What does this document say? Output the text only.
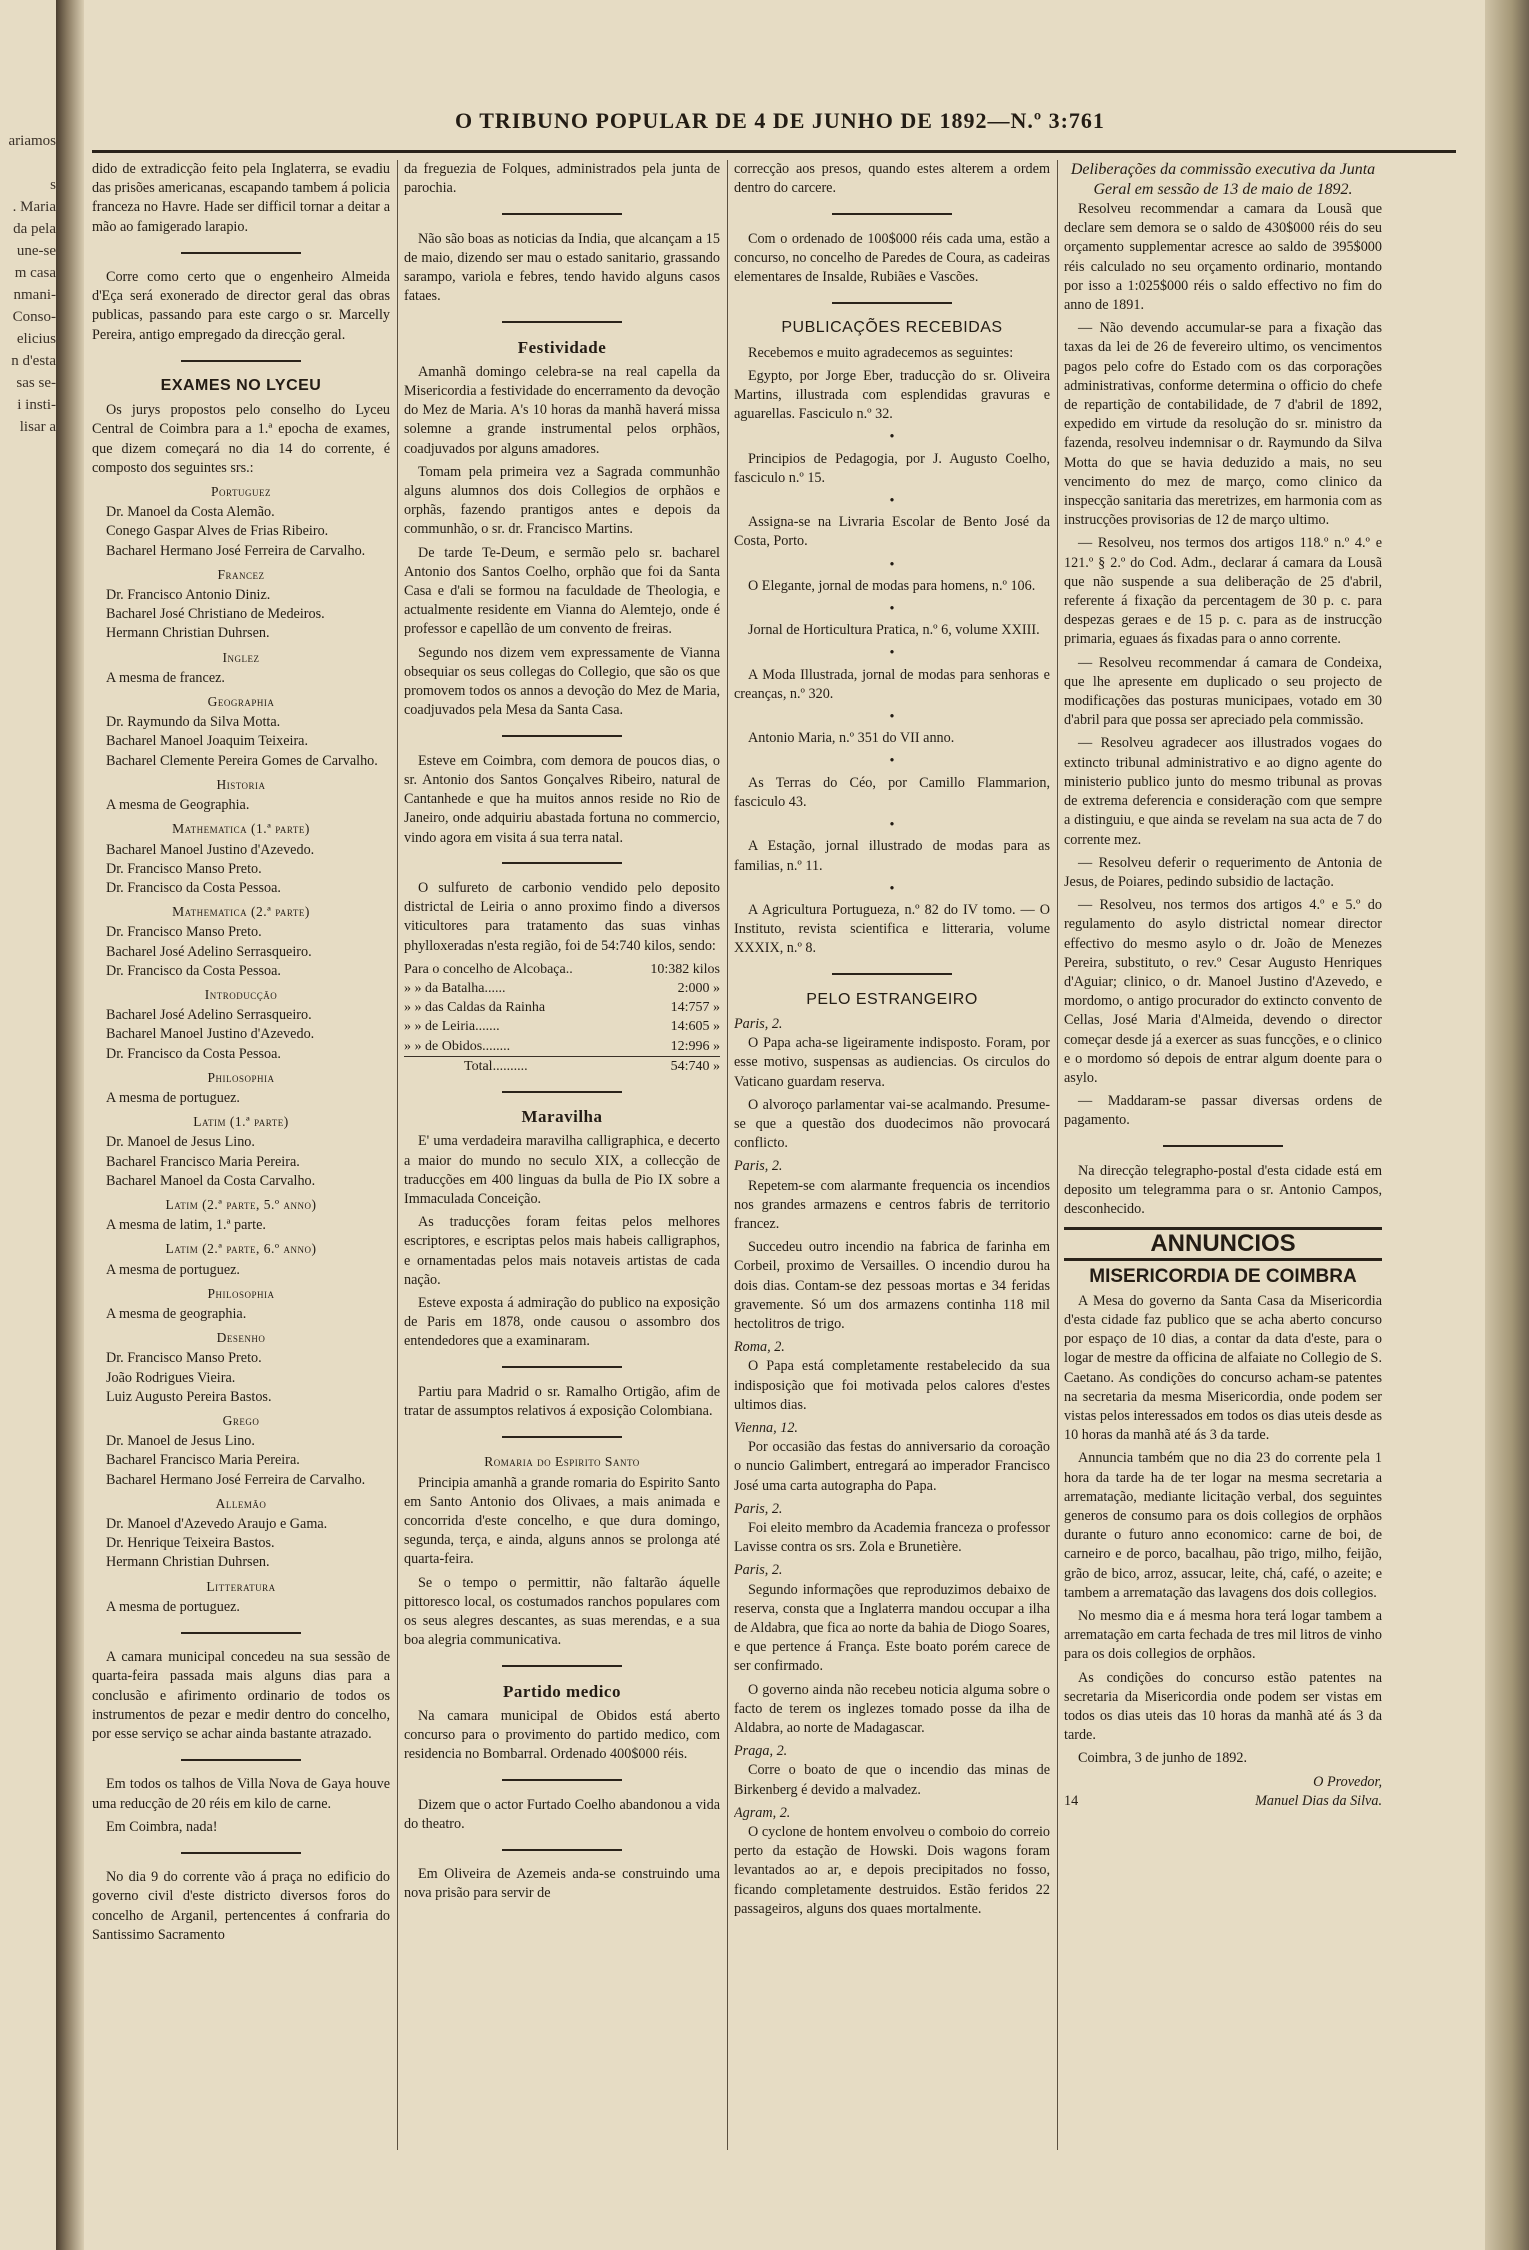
ariamos

s
. Maria
da pela
une-se
m casa
nmani-
Conso-
elicius
n d'esta
sas se-
i insti-
lisar a
O TRIBUNO POPULAR DE 4 DE JUNHO DE 1892—N.º 3:761

dido de extradicção feito pela Inglaterra, se evadiu das prisões americanas, escapando tambem á policia franceza no Havre. Hade ser difficil tornar a deitar a mão ao famigerado larapio.

Corre como certo que o engenheiro Almeida d'Eça será exonerado de director geral das obras publicas, passando para este cargo o sr. Marcelly Pereira, antigo empregado da direcção geral.

EXAMES NO LYCEU

Os jurys propostos pelo conselho do Lyceu Central de Coimbra para a 1.ª epocha de exames, que dizem começará no dia 14 do corrente, é composto dos seguintes srs.:

Portuguez
Dr. Manoel da Costa Alemão.
Conego Gaspar Alves de Frias Ribeiro.
Bacharel Hermano José Ferreira de Carvalho.
Francez
Dr. Francisco Antonio Diniz.
Bacharel José Christiano de Medeiros.
Hermann Christian Duhrsen.
Inglez
A mesma de francez.
Geographia
Dr. Raymundo da Silva Motta.
Bacharel Manoel Joaquim Teixeira.
Bacharel Clemente Pereira Gomes de Carvalho.
Historia
A mesma de Geographia.
Mathematica (1.ª parte)
Bacharel Manoel Justino d'Azevedo.
Dr. Francisco Manso Preto.
Dr. Francisco da Costa Pessoa.
Mathematica (2.ª parte)
Dr. Francisco Manso Preto.
Bacharel José Adelino Serrasqueiro.
Dr. Francisco da Costa Pessoa.
Introducção
Bacharel José Adelino Serrasqueiro.
Bacharel Manoel Justino d'Azevedo.
Dr. Francisco da Costa Pessoa.
Philosophia
A mesma de portuguez.
Latim (1.ª parte)
Dr. Manoel de Jesus Lino.
Bacharel Francisco Maria Pereira.
Bacharel Manoel da Costa Carvalho.
Latim (2.ª parte, 5.º anno)
A mesma de latim, 1.ª parte.
Latim (2.ª parte, 6.º anno)
A mesma de portuguez.
Philosophia
A mesma de geographia.
Desenho
Dr. Francisco Manso Preto.
João Rodrigues Vieira.
Luiz Augusto Pereira Bastos.
Grego
Dr. Manoel de Jesus Lino.
Bacharel Francisco Maria Pereira.
Bacharel Hermano José Ferreira de Carvalho.
Allemão
Dr. Manoel d'Azevedo Araujo e Gama.
Dr. Henrique Teixeira Bastos.
Hermann Christian Duhrsen.
Litteratura
A mesma de portuguez.

A camara municipal concedeu na sua sessão de quarta-feira passada mais alguns dias para a conclusão e afirimento ordinario de todos os instrumentos de pezar e medir dentro do concelho, por esse serviço se achar ainda bastante atrazado.

Em todos os talhos de Villa Nova de Gaya houve uma reducção de 20 réis em kilo de carne.

Em Coimbra, nada!

No dia 9 do corrente vão á praça no edificio do governo civil d'este districto diversos foros do concelho de Arganil, pertencentes á confraria do Santissimo Sacramento

da freguezia de Folques, administrados pela junta de parochia.

Não são boas as noticias da India, que alcançam a 15 de maio, dizendo ser mau o estado sanitario, grassando sarampo, variola e febres, tendo havido alguns casos fataes.

Festividade

Amanhã domingo celebra-se na real capella da Misericordia a festividade do encerramento da devoção do Mez de Maria. A's 10 horas da manhã haverá missa solemne a grande instrumental pelos orphãos, coadjuvados por alguns amadores.

Tomam pela primeira vez a Sagrada communhão alguns alumnos dos dois Collegios de orphãos e orphãs, fazendo prantigos antes e depois da communhão, o sr. dr. Francisco Martins.

De tarde Te-Deum, e sermão pelo sr. bacharel Antonio dos Santos Coelho, orphão que foi da Santa Casa e d'ali se formou na faculdade de Theologia, e actualmente residente em Vianna do Alemtejo, onde é professor e capellão de um convento de freiras.

Segundo nos dizem vem expressamente de Vianna obsequiar os seus collegas do Collegio, que são os que promovem todos os annos a devoção do Mez de Maria, coadjuvados pela Mesa da Santa Casa.

Esteve em Coimbra, com demora de poucos dias, o sr. Antonio dos Santos Gonçalves Ribeiro, natural de Cantanhede e que ha muitos annos reside no Rio de Janeiro, onde adquiriu abastada fortuna no commercio, vindo agora em visita á sua terra natal.

O sulfureto de carbonio vendido pelo deposito districtal de Leiria o anno proximo findo a diversos viticultores para tratamento das suas vinhas phylloxeradas n'esta região, foi de 54:740 kilos, sendo:

Para o concelho de Alcobaça..	10:382 kilos
» » da Batalha......	2:000 »
» » das Caldas da Rainha	14:757 »
» » de Leiria.......	14:605 »
» » de Obidos........	12:996 »
Total..........	54:740 »
Maravilha

E' uma verdadeira maravilha calligraphica, e decerto a maior do mundo no seculo XIX, a collecção de traducções em 400 linguas da bulla de Pio IX sobre a Immaculada Conceição.

As traducções foram feitas pelos melhores escriptores, e escriptas pelos mais habeis calligraphos, e ornamentadas pelos mais notaveis artistas de cada nação.

Esteve exposta á admiração do publico na exposição de Paris em 1878, onde causou o assombro dos entendedores que a examinaram.

Partiu para Madrid o sr. Ramalho Ortigão, afim de tratar de assumptos relativos á exposição Colombiana.

Romaria do Espirito Santo

Principia amanhã a grande romaria do Espirito Santo em Santo Antonio dos Olivaes, a mais animada e concorrida d'este concelho, e que dura domingo, segunda, terça, e ainda, alguns annos se prolonga até quarta-feira.

Se o tempo o permittir, não faltarão áquelle pittoresco local, os costumados ranchos populares com os seus alegres descantes, as suas merendas, e a sua boa alegria communicativa.

Partido medico

Na camara municipal de Obidos está aberto concurso para o provimento do partido medico, com residencia no Bombarral. Ordenado 400$000 réis.

Dizem que o actor Furtado Coelho abandonou a vida do theatro.

Em Oliveira de Azemeis anda-se construindo uma nova prisão para servir de

correcção aos presos, quando estes alterem a ordem dentro do carcere.

Com o ordenado de 100$000 réis cada uma, estão a concurso, no concelho de Paredes de Coura, as cadeiras elementares de Insalde, Rubiães e Vascões.

PUBLICAÇÕES RECEBIDAS

Recebemos e muito agradecemos as seguintes:

Egypto, por Jorge Eber, traducção do sr. Oliveira Martins, illustrada com esplendidas gravuras e aguarellas. Fasciculo n.º 32.

•

Principios de Pedagogia, por J. Augusto Coelho, fasciculo n.º 15.

•

Assigna-se na Livraria Escolar de Bento José da Costa, Porto.

•

O Elegante, jornal de modas para homens, n.º 106.

•

Jornal de Horticultura Pratica, n.º 6, volume XXIII.

•

A Moda Illustrada, jornal de modas para senhoras e creanças, n.º 320.

•

Antonio Maria, n.º 351 do VII anno.

•

As Terras do Céo, por Camillo Flammarion, fasciculo 43.

•

A Estação, jornal illustrado de modas para as familias, n.º 11.

•

A Agricultura Portugueza, n.º 82 do IV tomo. — O Instituto, revista scientifica e litteraria, volume XXXIX, n.º 8.

PELO ESTRANGEIRO
Paris, 2.

O Papa acha-se ligeiramente indisposto. Foram, por esse motivo, suspensas as audiencias. Os circulos do Vaticano guardam reserva.

O alvoroço parlamentar vai-se acalmando. Presume-se que a questão dos duodecimos não provocará conflicto.

Paris, 2.

Repetem-se com alarmante frequencia os incendios nos grandes armazens e centros fabris de territorio francez.

Succedeu outro incendio na fabrica de farinha em Corbeil, proximo de Versailles. O incendio durou ha dois dias. Contam-se dez pessoas mortas e 34 feridas gravemente. Só um dos armazens continha 118 mil hectolitros de trigo.

Roma, 2.

O Papa está completamente restabelecido da sua indisposição que foi motivada pelos calores d'estes ultimos dias.

Vienna, 12.

Por occasião das festas do anniversario da coroação o nuncio Galimbert, entregará ao imperador Francisco José uma carta autographa do Papa.

Paris, 2.

Foi eleito membro da Academia franceza o professor Lavisse contra os srs. Zola e Brunetière.

Paris, 2.

Segundo informações que reproduzimos debaixo de reserva, consta que a Inglaterra mandou occupar a ilha de Aldabra, que fica ao norte da bahia de Diogo Soares, e que pertence á França. Este boato porém carece de ser confirmado.

O governo ainda não recebeu noticia alguma sobre o facto de terem os inglezes tomado posse da ilha de Aldabra, ao norte de Madagascar.

Praga, 2.

Corre o boato de que o incendio das minas de Birkenberg é devido a malvadez.

Agram, 2.

O cyclone de hontem envolveu o comboio do correio perto da estação de Howski. Dois wagons foram levantados ao ar, e depois precipitados no fosso, ficando completamente destruidos. Estão feridos 22 passageiros, alguns dos quaes mortalmente.

Deliberações da commissão executiva da Junta Geral em sessão de 13 de maio de 1892.

Resolveu recommendar a camara da Lousã que declare sem demora se o saldo de 430$000 réis do seu orçamento supplementar acresce ao saldo de 395$000 réis calculado no seu orçamento ordinario, montando por isso a 1:025$000 réis o saldo effectivo no fim do anno de 1891.

— Não devendo accumular-se para a fixação das taxas da lei de 26 de fevereiro ultimo, os vencimentos pagos pelo cofre do Estado com os das corporações administrativas, conforme determina o officio do chefe de repartição de contabilidade, de 7 d'abril de 1892, expedido em virtude da resolução do sr. ministro da fazenda, resolveu indemnisar o dr. Raymundo da Silva Motta do que se havia deduzido a mais, no seu vencimento do mez de março, como clinico da inspecção sanitaria das meretrizes, em harmonia com as instrucções provisorias de 12 de março ultimo.

— Resolveu, nos termos dos artigos 118.º n.º 4.º e 121.º § 2.º do Cod. Adm., declarar á camara da Lousã que não suspende a sua deliberação de 25 d'abril, referente á fixação da percentagem de 30 p. c. para despezas geraes e de 15 p. c. para as de instrucção primaria, eguaes ás fixadas para o anno corrente.

— Resolveu recommendar á camara de Condeixa, que lhe apresente em duplicado o seu projecto de modificações das posturas municipaes, votado em 30 d'abril para que possa ser apreciado pela commissão.

— Resolveu agradecer aos illustrados vogaes do extincto tribunal administrativo e ao digno agente do ministerio publico junto do mesmo tribunal as provas de extrema deferencia e consideração com que sempre a distinguiu, e que ainda se revelam na sua acta de 7 do corrente mez.

— Resolveu deferir o requerimento de Antonia de Jesus, de Poiares, pedindo subsidio de lactação.

— Resolveu, nos termos dos artigos 4.º e 5.º do regulamento do asylo districtal nomear director effectivo do mesmo asylo o dr. João de Menezes Pereira, substituto, o rev.º Cesar Augusto Henriques d'Aguiar; clinico, o dr. Manoel Justino d'Azevedo, e mordomo, o antigo procurador do extincto convento de Cellas, José Maria d'Almeida, devendo o director começar desde já a exercer as suas funcções, e o clinico e o mordomo só depois de entrar algum doente para o asylo.

— Maddaram-se passar diversas ordens de pagamento.

Na direcção telegrapho-postal d'esta cidade está em deposito um telegramma para o sr. Antonio Campos, desconhecido.

ANNUNCIOS
MISERICORDIA DE COIMBRA

A Mesa do governo da Santa Casa da Misericordia d'esta cidade faz publico que se acha aberto concurso por espaço de 10 dias, a contar da data d'este, para o logar de mestre da officina de alfaiate no Collegio de S. Caetano. As condições do concurso acham-se patentes na secretaria da mesma Misericordia, onde podem ser vistas pelos interessados em todos os dias uteis desde as 10 horas da manhã até ás 3 da tarde.

Annuncia também que no dia 23 do corrente pela 1 hora da tarde ha de ter logar na mesma secretaria a arrematação, mediante licitação verbal, dos seguintes generos de consumo para os dois collegios de orphãos durante o futuro anno economico: carne de boi, de carneiro e de porco, bacalhau, pão trigo, milho, feijão, grão de bico, arroz, assucar, leite, chá, café, o azeite; e tambem a arrematação das lavagens dos dois collegios.

No mesmo dia e á mesma hora terá logar tambem a arrematação em carta fechada de tres mil litros de vinho para os dois collegios de orphãos.

As condições do concurso estão patentes na secretaria da Misericordia onde podem ser vistas em todos os dias uteis das 10 horas da manhã até ás 3 da tarde.

Coimbra, 3 de junho de 1892.

O Provedor,
14	Manuel Dias da Silva.
